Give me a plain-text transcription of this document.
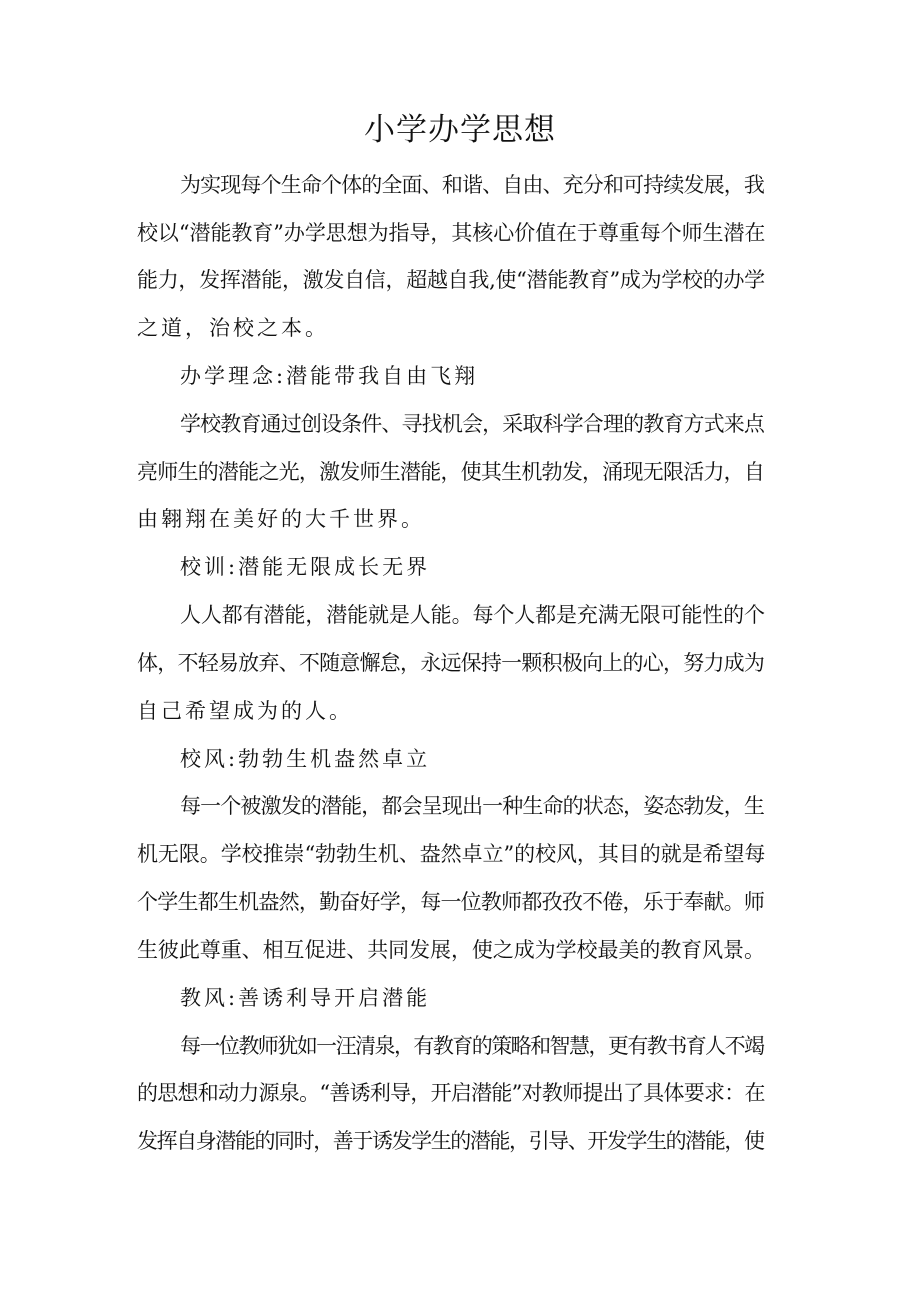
小学办学思想

为实现每个生命个体的全面、和谐、自由、充分和可持续发展，我

校以“潜能教育”办学思想为指导，其核心价值在于尊重每个师生潜在

能力，发挥潜能，激发自信，超越自我,使“潜能教育”成为学校的办学

之道，治校之本。

办学理念:潜能带我自由飞翔

学校教育通过创设条件、寻找机会，采取科学合理的教育方式来点

亮师生的潜能之光，激发师生潜能，使其生机勃发，涌现无限活力，自

由翱翔在美好的大千世界。

校训:潜能无限成长无界

人人都有潜能，潜能就是人能。每个人都是充满无限可能性的个

体，不轻易放弃、不随意懈怠，永远保持一颗积极向上的心，努力成为

自己希望成为的人。

校风:勃勃生机盎然卓立

每一个被激发的潜能，都会呈现出一种生命的状态，姿态勃发，生

机无限。学校推崇“勃勃生机、盎然卓立”的校风，其目的就是希望每

个学生都生机盎然，勤奋好学，每一位教师都孜孜不倦，乐于奉献。师

生彼此尊重、相互促进、共同发展，使之成为学校最美的教育风景。

教风:善诱利导开启潜能

每一位教师犹如一汪清泉，有教育的策略和智慧，更有教书育人不竭

的思想和动力源泉。“善诱利导，开启潜能”对教师提出了具体要求：在

发挥自身潜能的同时，善于诱发学生的潜能，引导、开发学生的潜能，使
